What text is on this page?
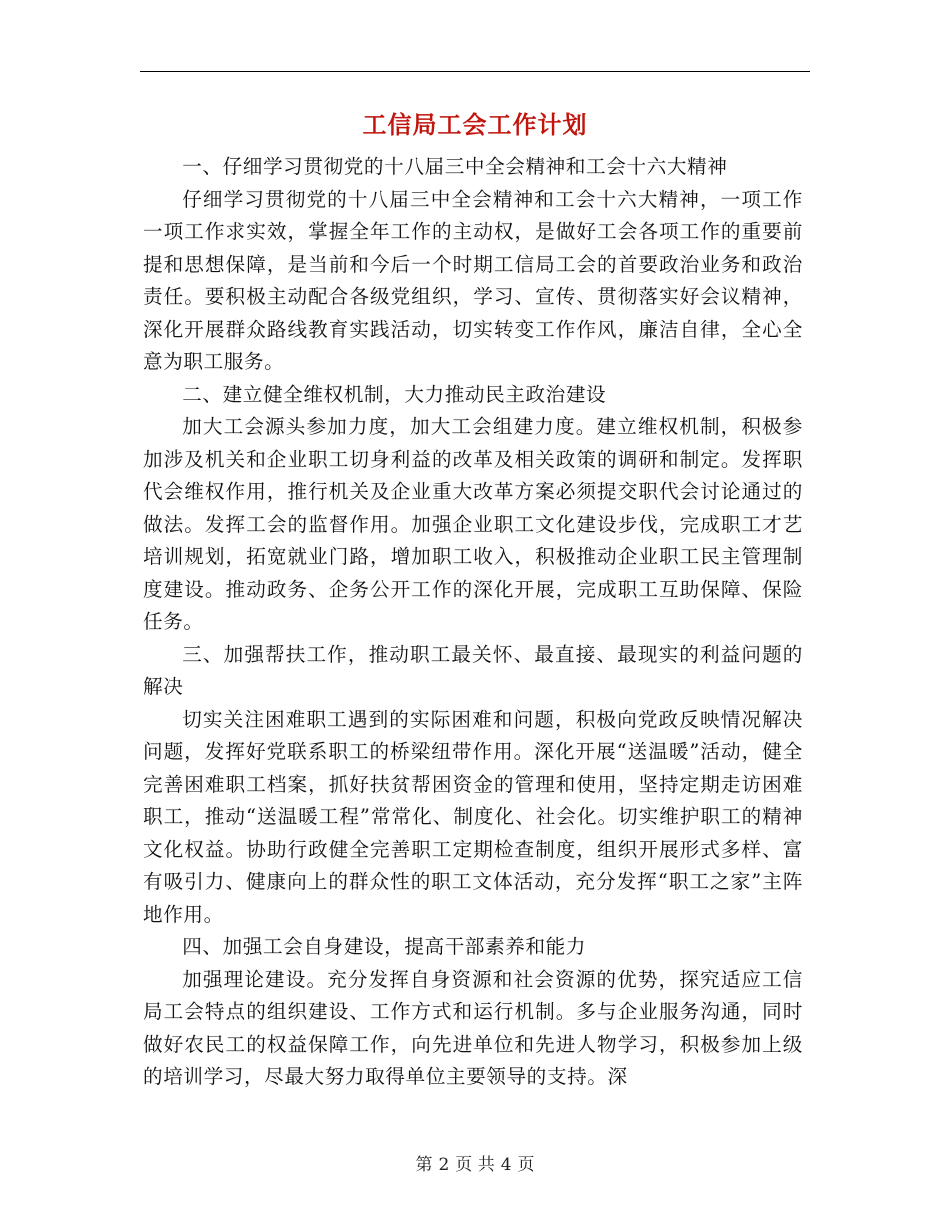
工信局工会工作计划

一、仔细学习贯彻党的十八届三中全会精神和工会十六大精神

仔细学习贯彻党的十八届三中全会精神和工会十六大精神，一项工作一项工作求实效，掌握全年工作的主动权，是做好工会各项工作的重要前提和思想保障，是当前和今后一个时期工信局工会的首要政治业务和政治责任。要积极主动配合各级党组织，学习、宣传、贯彻落实好会议精神，深化开展群众路线教育实践活动，切实转变工作作风，廉洁自律，全心全意为职工服务。

二、建立健全维权机制，大力推动民主政治建设

加大工会源头参加力度，加大工会组建力度。建立维权机制，积极参加涉及机关和企业职工切身利益的改革及相关政策的调研和制定。发挥职代会维权作用，推行机关及企业重大改革方案必须提交职代会讨论通过的做法。发挥工会的监督作用。加强企业职工文化建设步伐，完成职工才艺培训规划，拓宽就业门路，增加职工收入，积极推动企业职工民主管理制度建设。推动政务、企务公开工作的深化开展，完成职工互助保障、保险任务。

三、加强帮扶工作，推动职工最关怀、最直接、最现实的利益问题的解决

切实关注困难职工遇到的实际困难和问题，积极向党政反映情况解决问题，发挥好党联系职工的桥梁纽带作用。深化开展“送温暖”活动，健全完善困难职工档案，抓好扶贫帮困资金的管理和使用，坚持定期走访困难职工，推动“送温暖工程”常常化、制度化、社会化。切实维护职工的精神文化权益。协助行政健全完善职工定期检查制度，组织开展形式多样、富有吸引力、健康向上的群众性的职工文体活动，充分发挥“职工之家”主阵地作用。

四、加强工会自身建设，提高干部素养和能力

加强理论建设。充分发挥自身资源和社会资源的优势，探究适应工信局工会特点的组织建设、工作方式和运行机制。多与企业服务沟通，同时做好农民工的权益保障工作，向先进单位和先进人物学习，积极参加上级的培训学习，尽最大努力取得单位主要领导的支持。深

第 2 页 共 4 页
